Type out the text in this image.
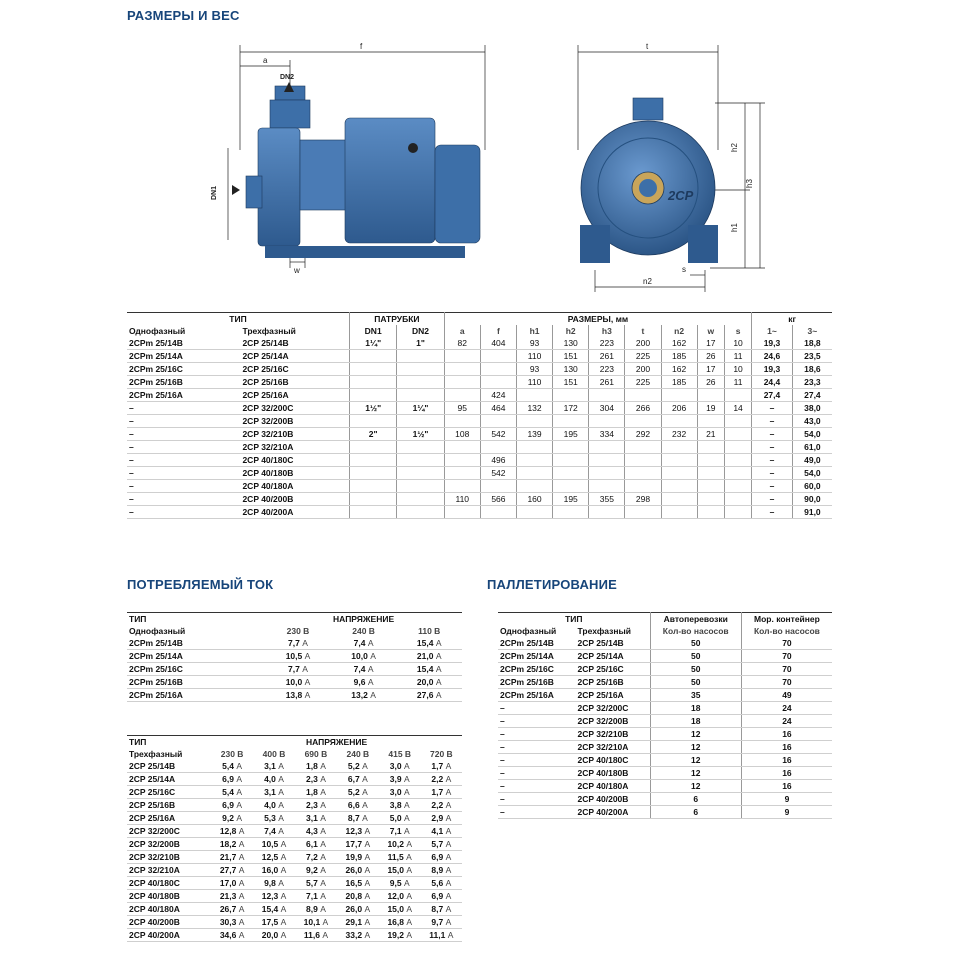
РАЗМЕРЫ И ВЕС
ПОТРЕБЛЯЕМЫЙ ТОК	ПАЛЛЕТИРОВАНИЕ
f
a
DN2
DN1
w
t
h2
h3
h1
s
n2
2CP
ТИП		ПАТРУБКИ		РАЗМЕРЫ, мм									кг	
Однофазный	Трехфазный	DN1	DN2	a	f	h1	h2	h3	t	n2	w	s	1~	3~
2CPm 25/14B	2CP 25/14B	1¼"	1"	82	404	93	130	223	200	162	17	10	19,3	18,8
2CPm 25/14A	2CP 25/14A					110	151	261	225	185	26	11	24,6	23,5
2CPm 25/16C	2CP 25/16C					93	130	223	200	162	17	10	19,3	18,6
2CPm 25/16B	2CP 25/16B					110	151	261	225	185	26	11	24,4	23,3
2CPm 25/16A	2CP 25/16A				424								27,4	27,4
–	2CP 32/200C	1½"	1¼"	95	464	132	172	304	266	206	19	14	–	38,0
–	2CP 32/200B												–	43,0
–	2CP 32/210B	2"	1½"	108	542	139	195	334	292	232	21		–	54,0
–	2CP 32/210A												–	61,0
–	2CP 40/180C				496								–	49,0
–	2CP 40/180B				542								–	54,0
–	2CP 40/180A												–	60,0
–	2CP 40/200B			110	566	160	195	355	298				–	90,0
–	2CP 40/200A												–	91,0
ТИП	НАПРЯЖЕНИЕ		
Однофазный	230 В	240 В	110 В
2CPm 25/14B	7,7 А	7,4 А	15,4 А
2CPm 25/14A	10,5 А	10,0 А	21,0 А
2CPm 25/16C	7,7 А	7,4 А	15,4 А
2CPm 25/16B	10,0 А	9,6 А	20,0 А
2CPm 25/16A	13,8 А	13,2 А	27,6 А
ТИП	НАПРЯЖЕНИЕ					
Трехфазный	230 В	400 В	690 В	240 В	415 В	720 В
2CP 25/14B	5,4 А	3,1 А	1,8 А	5,2 А	3,0 А	1,7 А
2CP 25/14A	6,9 А	4,0 А	2,3 А	6,7 А	3,9 А	2,2 А
2CP 25/16C	5,4 А	3,1 А	1,8 А	5,2 А	3,0 А	1,7 А
2CP 25/16B	6,9 А	4,0 А	2,3 А	6,6 А	3,8 А	2,2 А
2CP 25/16A	9,2 А	5,3 А	3,1 А	8,7 А	5,0 А	2,9 А
2CP 32/200C	12,8 А	7,4 А	4,3 А	12,3 А	7,1 А	4,1 А
2CP 32/200B	18,2 А	10,5 А	6,1 А	17,7 А	10,2 А	5,7 А
2CP 32/210B	21,7 А	12,5 А	7,2 А	19,9 А	11,5 А	6,9 А
2CP 32/210A	27,7 А	16,0 А	9,2 А	26,0 А	15,0 А	8,9 А
2CP 40/180C	17,0 А	9,8 А	5,7 А	16,5 А	9,5 А	5,6 А
2CP 40/180B	21,3 А	12,3 А	7,1 А	20,8 А	12,0 А	6,9 А
2CP 40/180A	26,7 А	15,4 А	8,9 А	26,0 А	15,0 А	8,7 А
2CP 40/200B	30,3 А	17,5 А	10,1 А	29,1 А	16,8 А	9,7 А
2CP 40/200A	34,6 А	20,0 А	11,6 А	33,2 А	19,2 А	11,1 А
ТИП		Автоперевозки	Мор. контейнер
Однофазный	Трехфазный	Кол-во насосов	Кол-во насосов
2CPm 25/14B	2CP 25/14B	50	70
2CPm 25/14A	2CP 25/14A	50	70
2CPm 25/16C	2CP 25/16C	50	70
2CPm 25/16B	2CP 25/16B	50	70
2CPm 25/16A	2CP 25/16A	35	49
–	2CP 32/200C	18	24
–	2CP 32/200B	18	24
–	2CP 32/210B	12	16
–	2CP 32/210A	12	16
–	2CP 40/180C	12	16
–	2CP 40/180B	12	16
–	2CP 40/180A	12	16
–	2CP 40/200B	6	9
–	2CP 40/200A	6	9
